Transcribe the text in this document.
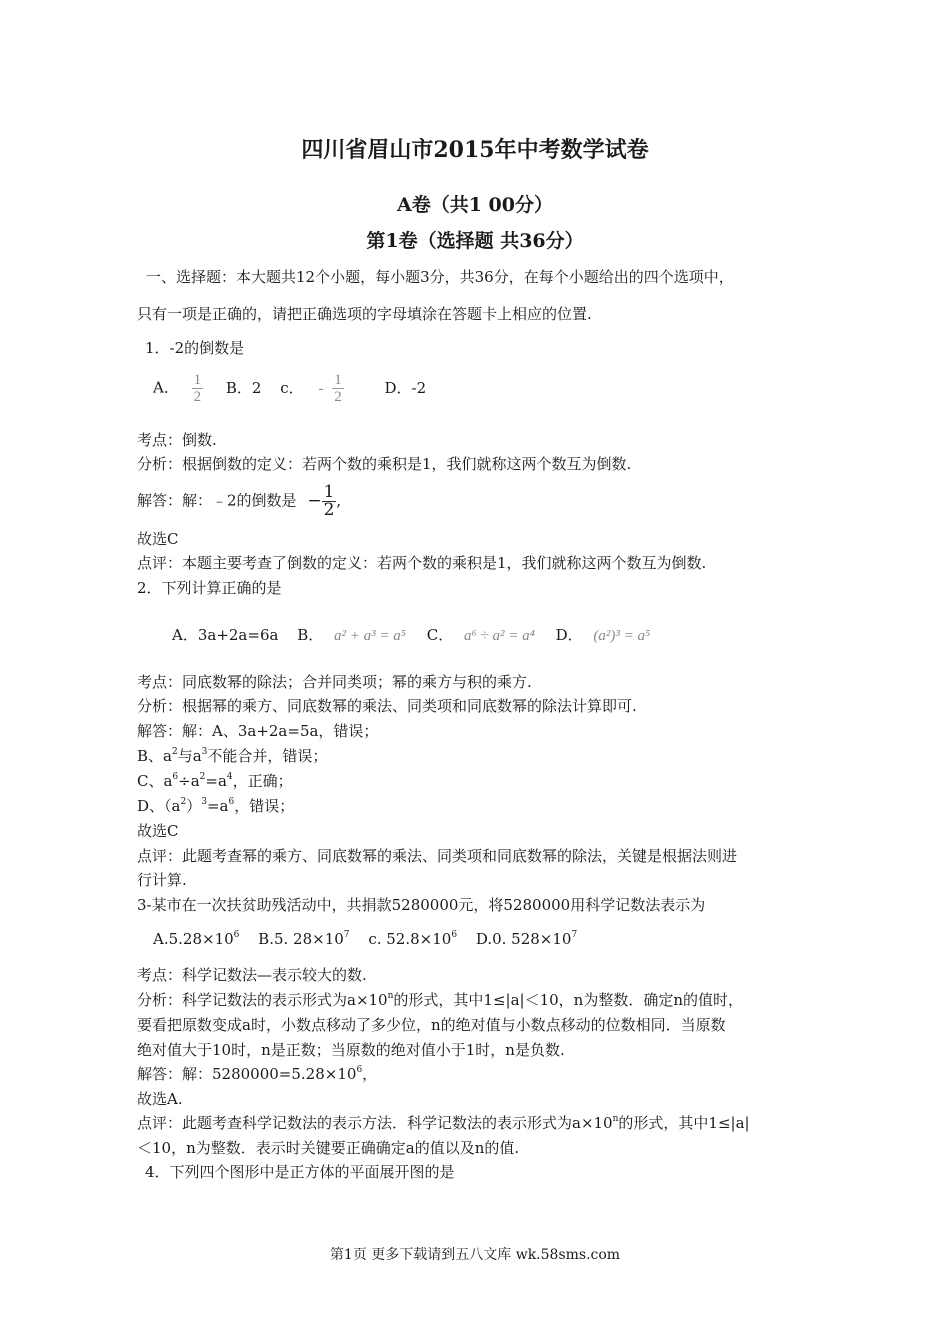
四川省眉山市2015年中考数学试卷
A卷（共1 00分）
第1卷（选择题 共36分）
一、选择题：本大题共12个小题，每小题3分，共36分，在每个小题给出的四个选项中，
只有一项是正确的，请把正确选项的字母填涂在答题卡上相应的位置.
1．-2的倒数是
A． $\frac{1}{2}$ B．2 c． - $\frac{1}{2}$	D．-2
考点：倒数.
分析：根据倒数的定义：若两个数的乘积是1，我们就称这两个数互为倒数.
解答：解：﹣2的倒数是 − $\frac{1}{2}$ ,
故选C
点评：本题主要考查了倒数的定义：若两个数的乘积是1，我们就称这两个数互为倒数.
2．下列计算正确的是
A．3a+2a=6a B． a² + a³ = a⁵ C． a⁶ ÷ a² = a⁴ D． (a²)³ = a⁵
考点：同底数幂的除法；合并同类项；幂的乘方与积的乘方.
分析：根据幂的乘方、同底数幂的乘法、同类项和同底数幂的除法计算即可.
解答：解：A、3a+2a=5a，错误；
B、$a^2$与$a^3$不能合并，错误；
C、$a^6\div a^2=a^4$，正确；
D、$(a^2)^3=a^6$，错误；
故选C
点评：此题考查幂的乘方、同底数幂的乘法、同类项和同底数幂的除法，关键是根据法则进
行计算.
3-某市在一次扶贫助残活动中，共捐款5280000元，将5280000用科学记数法表示为
$A.5.28\times 10^6$ B.5. $28\times 10^7$ c. $52.8\times 10^6$ D.0. $528\times 10^7$
考点：科学记数法—表示较大的数.
分析：科学记数法的表示形式为$a\times 10^n$的形式，其中1≤|a|＜10，n为整数．确定n的值时，
要看把原数变成a时，小数点移动了多少位，n的绝对值与小数点移动的位数相同．当原数
绝对值大于10时，n是正数；当原数的绝对值小于1时，n是负数.
解答：解：$5280000=5.28\times 10^6$，
故选A.
点评：此题考查科学记数法的表示方法．科学记数法的表示形式为$a\times 10^n$的形式，其中1≤|a|
＜10，n为整数．表示时关键要正确确定a的值以及n的值.
4．下列四个图形中是正方体的平面展开图的是
第1页 更多下载请到五八文库 wk.58sms.com
